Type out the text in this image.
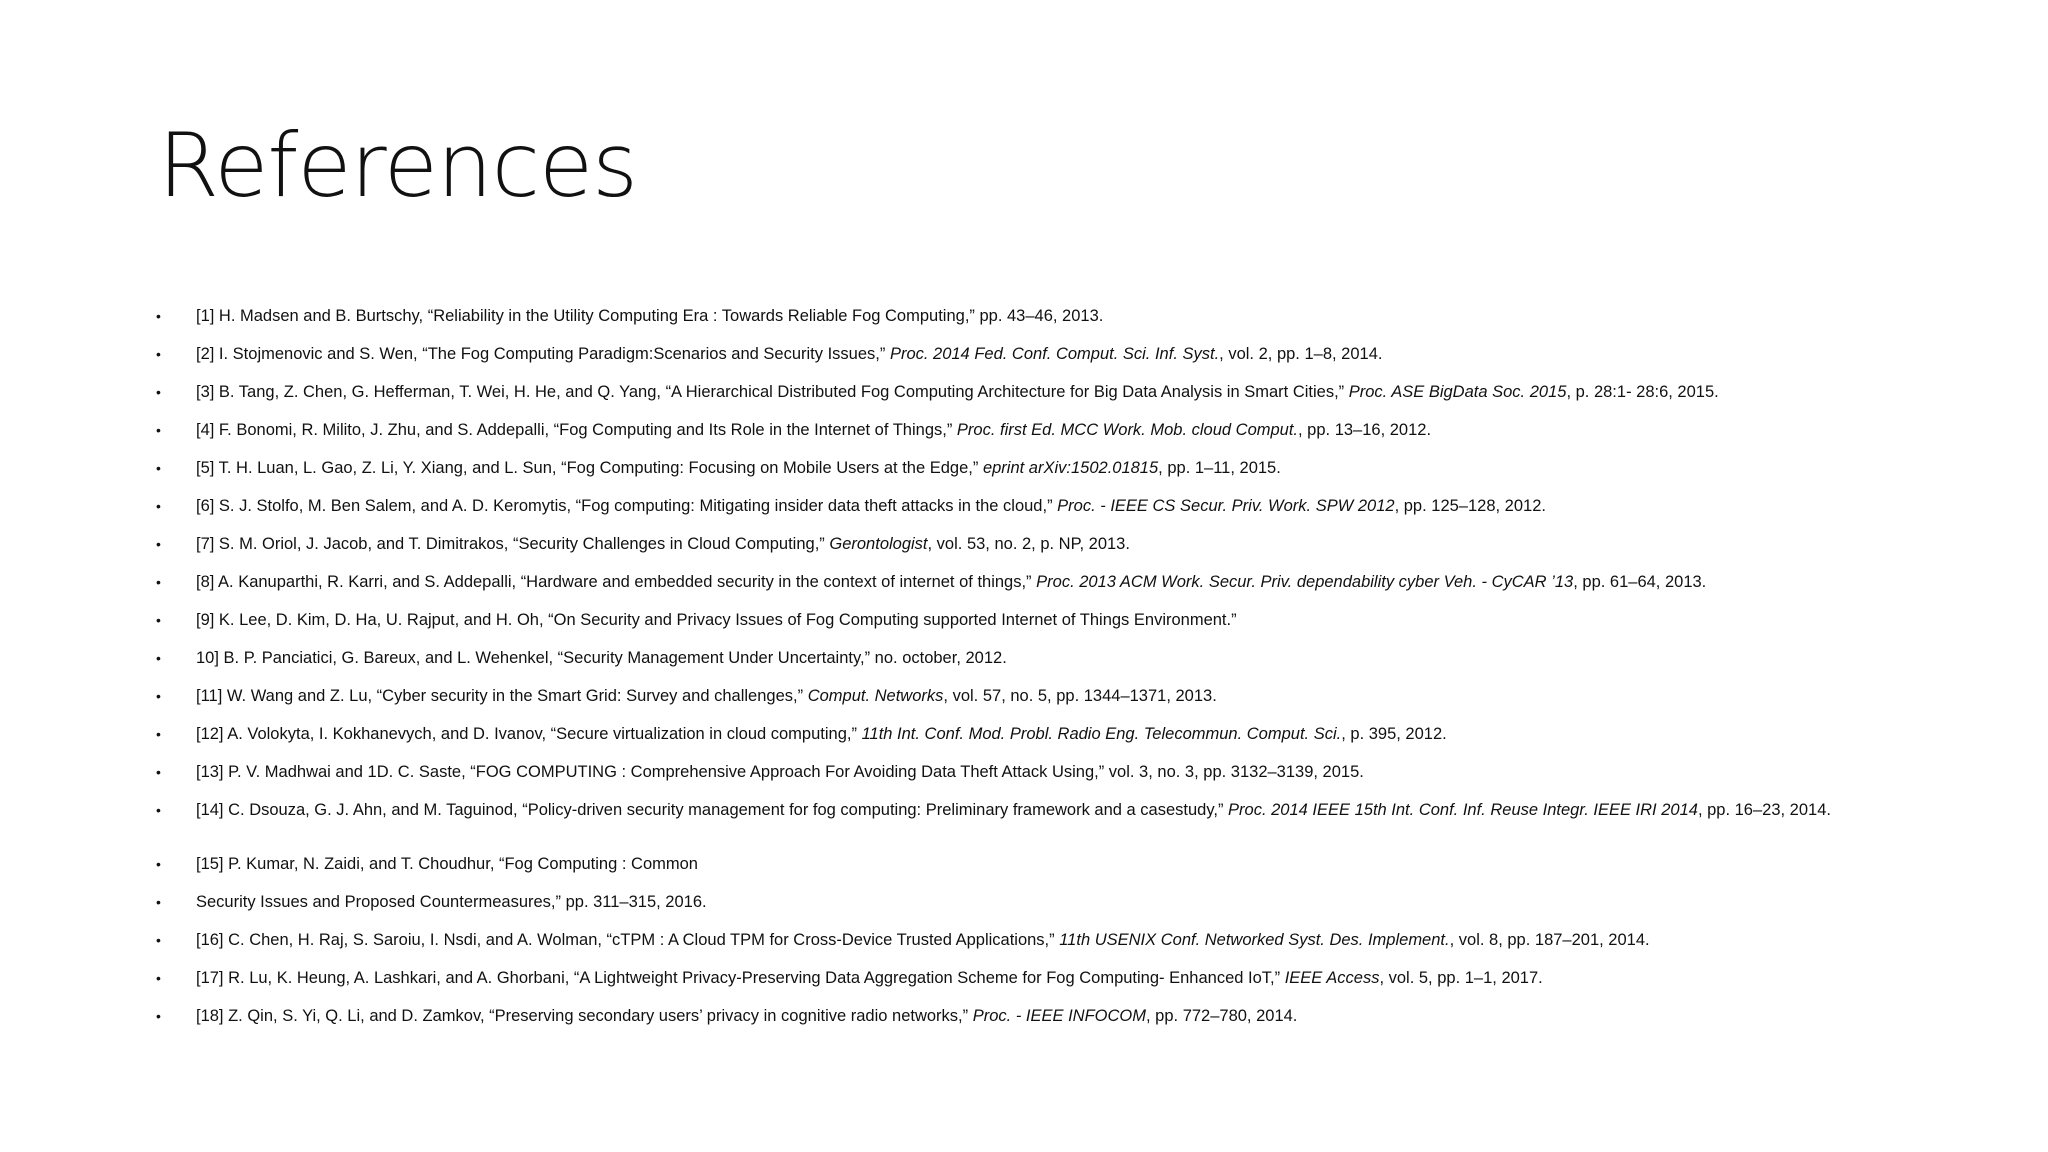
References
• [1] H. Madsen and B. Burtschy, “Reliability in the Utility Computing Era : Towards Reliable Fog Computing,” pp. 43–46, 2013.
• [2] I. Stojmenovic and S. Wen, “The Fog Computing Paradigm:Scenarios and Security Issues,” Proc. 2014 Fed. Conf. Comput. Sci. Inf. Syst., vol. 2, pp. 1–8, 2014.
• [3] B. Tang, Z. Chen, G. Hefferman, T. Wei, H. He, and Q. Yang, “A Hierarchical Distributed Fog Computing Architecture for Big Data Analysis in Smart Cities,” Proc. ASE BigData Soc. 2015, p. 28:1- 28:6, 2015.
• [4] F. Bonomi, R. Milito, J. Zhu, and S. Addepalli, “Fog Computing and Its Role in the Internet of Things,” Proc. first Ed. MCC Work. Mob. cloud Comput., pp. 13–16, 2012.
• [5] T. H. Luan, L. Gao, Z. Li, Y. Xiang, and L. Sun, “Fog Computing: Focusing on Mobile Users at the Edge,” eprint arXiv:1502.01815, pp. 1–11, 2015.
• [6] S. J. Stolfo, M. Ben Salem, and A. D. Keromytis, “Fog computing: Mitigating insider data theft attacks in the cloud,” Proc. - IEEE CS Secur. Priv. Work. SPW 2012, pp. 125–128, 2012.
• [7] S. M. Oriol, J. Jacob, and T. Dimitrakos, “Security Challenges in Cloud Computing,” Gerontologist, vol. 53, no. 2, p. NP, 2013.
• [8] A. Kanuparthi, R. Karri, and S. Addepalli, “Hardware and embedded security in the context of internet of things,” Proc. 2013 ACM Work. Secur. Priv. dependability cyber Veh. - CyCAR ’13, pp. 61–64, 2013.
• [9] K. Lee, D. Kim, D. Ha, U. Rajput, and H. Oh, “On Security and Privacy Issues of Fog Computing supported Internet of Things Environment.”
• 10] B. P. Panciatici, G. Bareux, and L. Wehenkel, “Security Management Under Uncertainty,” no. october, 2012.
• [11] W. Wang and Z. Lu, “Cyber security in the Smart Grid: Survey and challenges,” Comput. Networks, vol. 57, no. 5, pp. 1344–1371, 2013.
• [12] A. Volokyta, I. Kokhanevych, and D. Ivanov, “Secure virtualization in cloud computing,” 11th Int. Conf. Mod. Probl. Radio Eng. Telecommun. Comput. Sci., p. 395, 2012.
• [13] P. V. Madhwai and 1D. C. Saste, “FOG COMPUTING : Comprehensive Approach For Avoiding Data Theft Attack Using,” vol. 3, no. 3, pp. 3132–3139, 2015.
• [14] C. Dsouza, G. J. Ahn, and M. Taguinod, “Policy-driven security management for fog computing: Preliminary framework and a casestudy,” Proc. 2014 IEEE 15th Int. Conf. Inf. Reuse Integr. IEEE IRI 2014, pp. 16–23, 2014.
• [15] P. Kumar, N. Zaidi, and T. Choudhur, “Fog Computing : Common
• Security Issues and Proposed Countermeasures,” pp. 311–315, 2016.
• [16] C. Chen, H. Raj, S. Saroiu, I. Nsdi, and A. Wolman, “cTPM : A Cloud TPM for Cross-Device Trusted Applications,” 11th USENIX Conf. Networked Syst. Des. Implement., vol. 8, pp. 187–201, 2014.
• [17] R. Lu, K. Heung, A. Lashkari, and A. Ghorbani, “A Lightweight Privacy-Preserving Data Aggregation Scheme for Fog Computing- Enhanced IoT,” IEEE Access, vol. 5, pp. 1–1, 2017.
• [18] Z. Qin, S. Yi, Q. Li, and D. Zamkov, “Preserving secondary users’ privacy in cognitive radio networks,” Proc. - IEEE INFOCOM, pp. 772–780, 2014.
